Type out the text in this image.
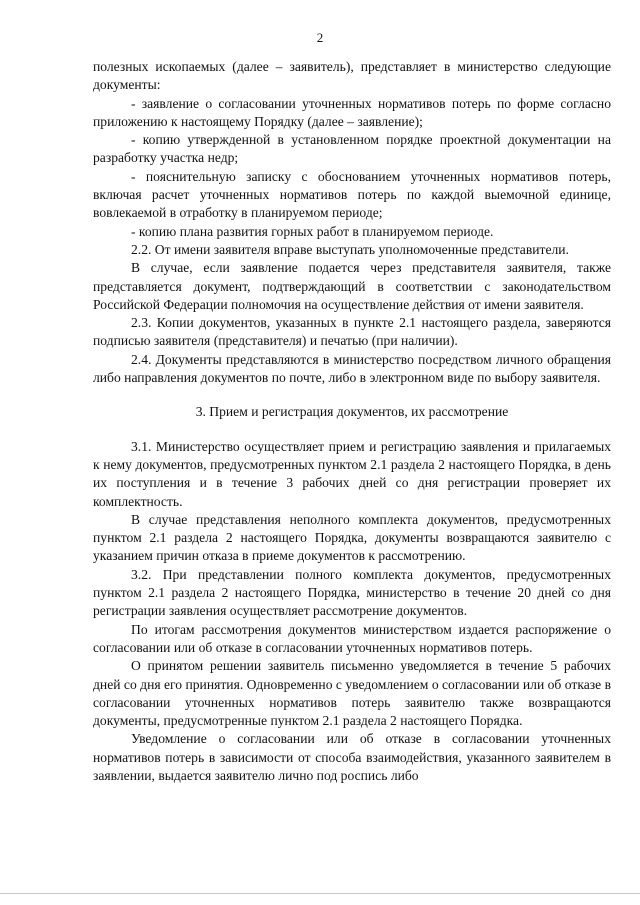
2

полезных ископаемых (далее – заявитель), представляет в министерство следующие документы:

- заявление о согласовании уточненных нормативов потерь по форме согласно приложению к настоящему Порядку (далее – заявление);

- копию утвержденной в установленном порядке проектной документации на разработку участка недр;

- пояснительную записку с обоснованием уточненных нормативов потерь, включая расчет уточненных нормативов потерь по каждой выемочной единице, вовлекаемой в отработку в планируемом периоде;

- копию плана развития горных работ в планируемом периоде.

2.2. От имени заявителя вправе выступать уполномоченные представители.

В случае, если заявление подается через представителя заявителя, также представляется документ, подтверждающий в соответствии с законодательством Российской Федерации полномочия на осуществление действия от имени заявителя.

2.3. Копии документов, указанных в пункте 2.1 настоящего раздела, заверяются подписью заявителя (представителя) и печатью (при наличии).

2.4. Документы представляются в министерство посредством личного обращения либо направления документов по почте, либо в электронном виде по выбору заявителя.

3. Прием и регистрация документов, их рассмотрение

3.1. Министерство осуществляет прием и регистрацию заявления и прилагаемых к нему документов, предусмотренных пунктом 2.1 раздела 2 настоящего Порядка, в день их поступления и в течение 3 рабочих дней со дня регистрации проверяет их комплектность.

В случае представления неполного комплекта документов, предусмотренных пунктом 2.1 раздела 2 настоящего Порядка, документы возвращаются заявителю с указанием причин отказа в приеме документов к рассмотрению.

3.2. При представлении полного комплекта документов, предусмотренных пунктом 2.1 раздела 2 настоящего Порядка, министерство в течение 20 дней со дня регистрации заявления осуществляет рассмотрение документов.

По итогам рассмотрения документов министерством издается распоряжение о согласовании или об отказе в согласовании уточненных нормативов потерь.

О принятом решении заявитель письменно уведомляется в течение 5 рабочих дней со дня его принятия. Одновременно с уведомлением о согласовании или об отказе в согласовании уточненных нормативов потерь заявителю также возвращаются документы, предусмотренные пунктом 2.1 раздела 2 настоящего Порядка.

Уведомление о согласовании или об отказе в согласовании уточненных нормативов потерь в зависимости от способа взаимодействия, указанного заявителем в заявлении, выдается заявителю лично под роспись либо
